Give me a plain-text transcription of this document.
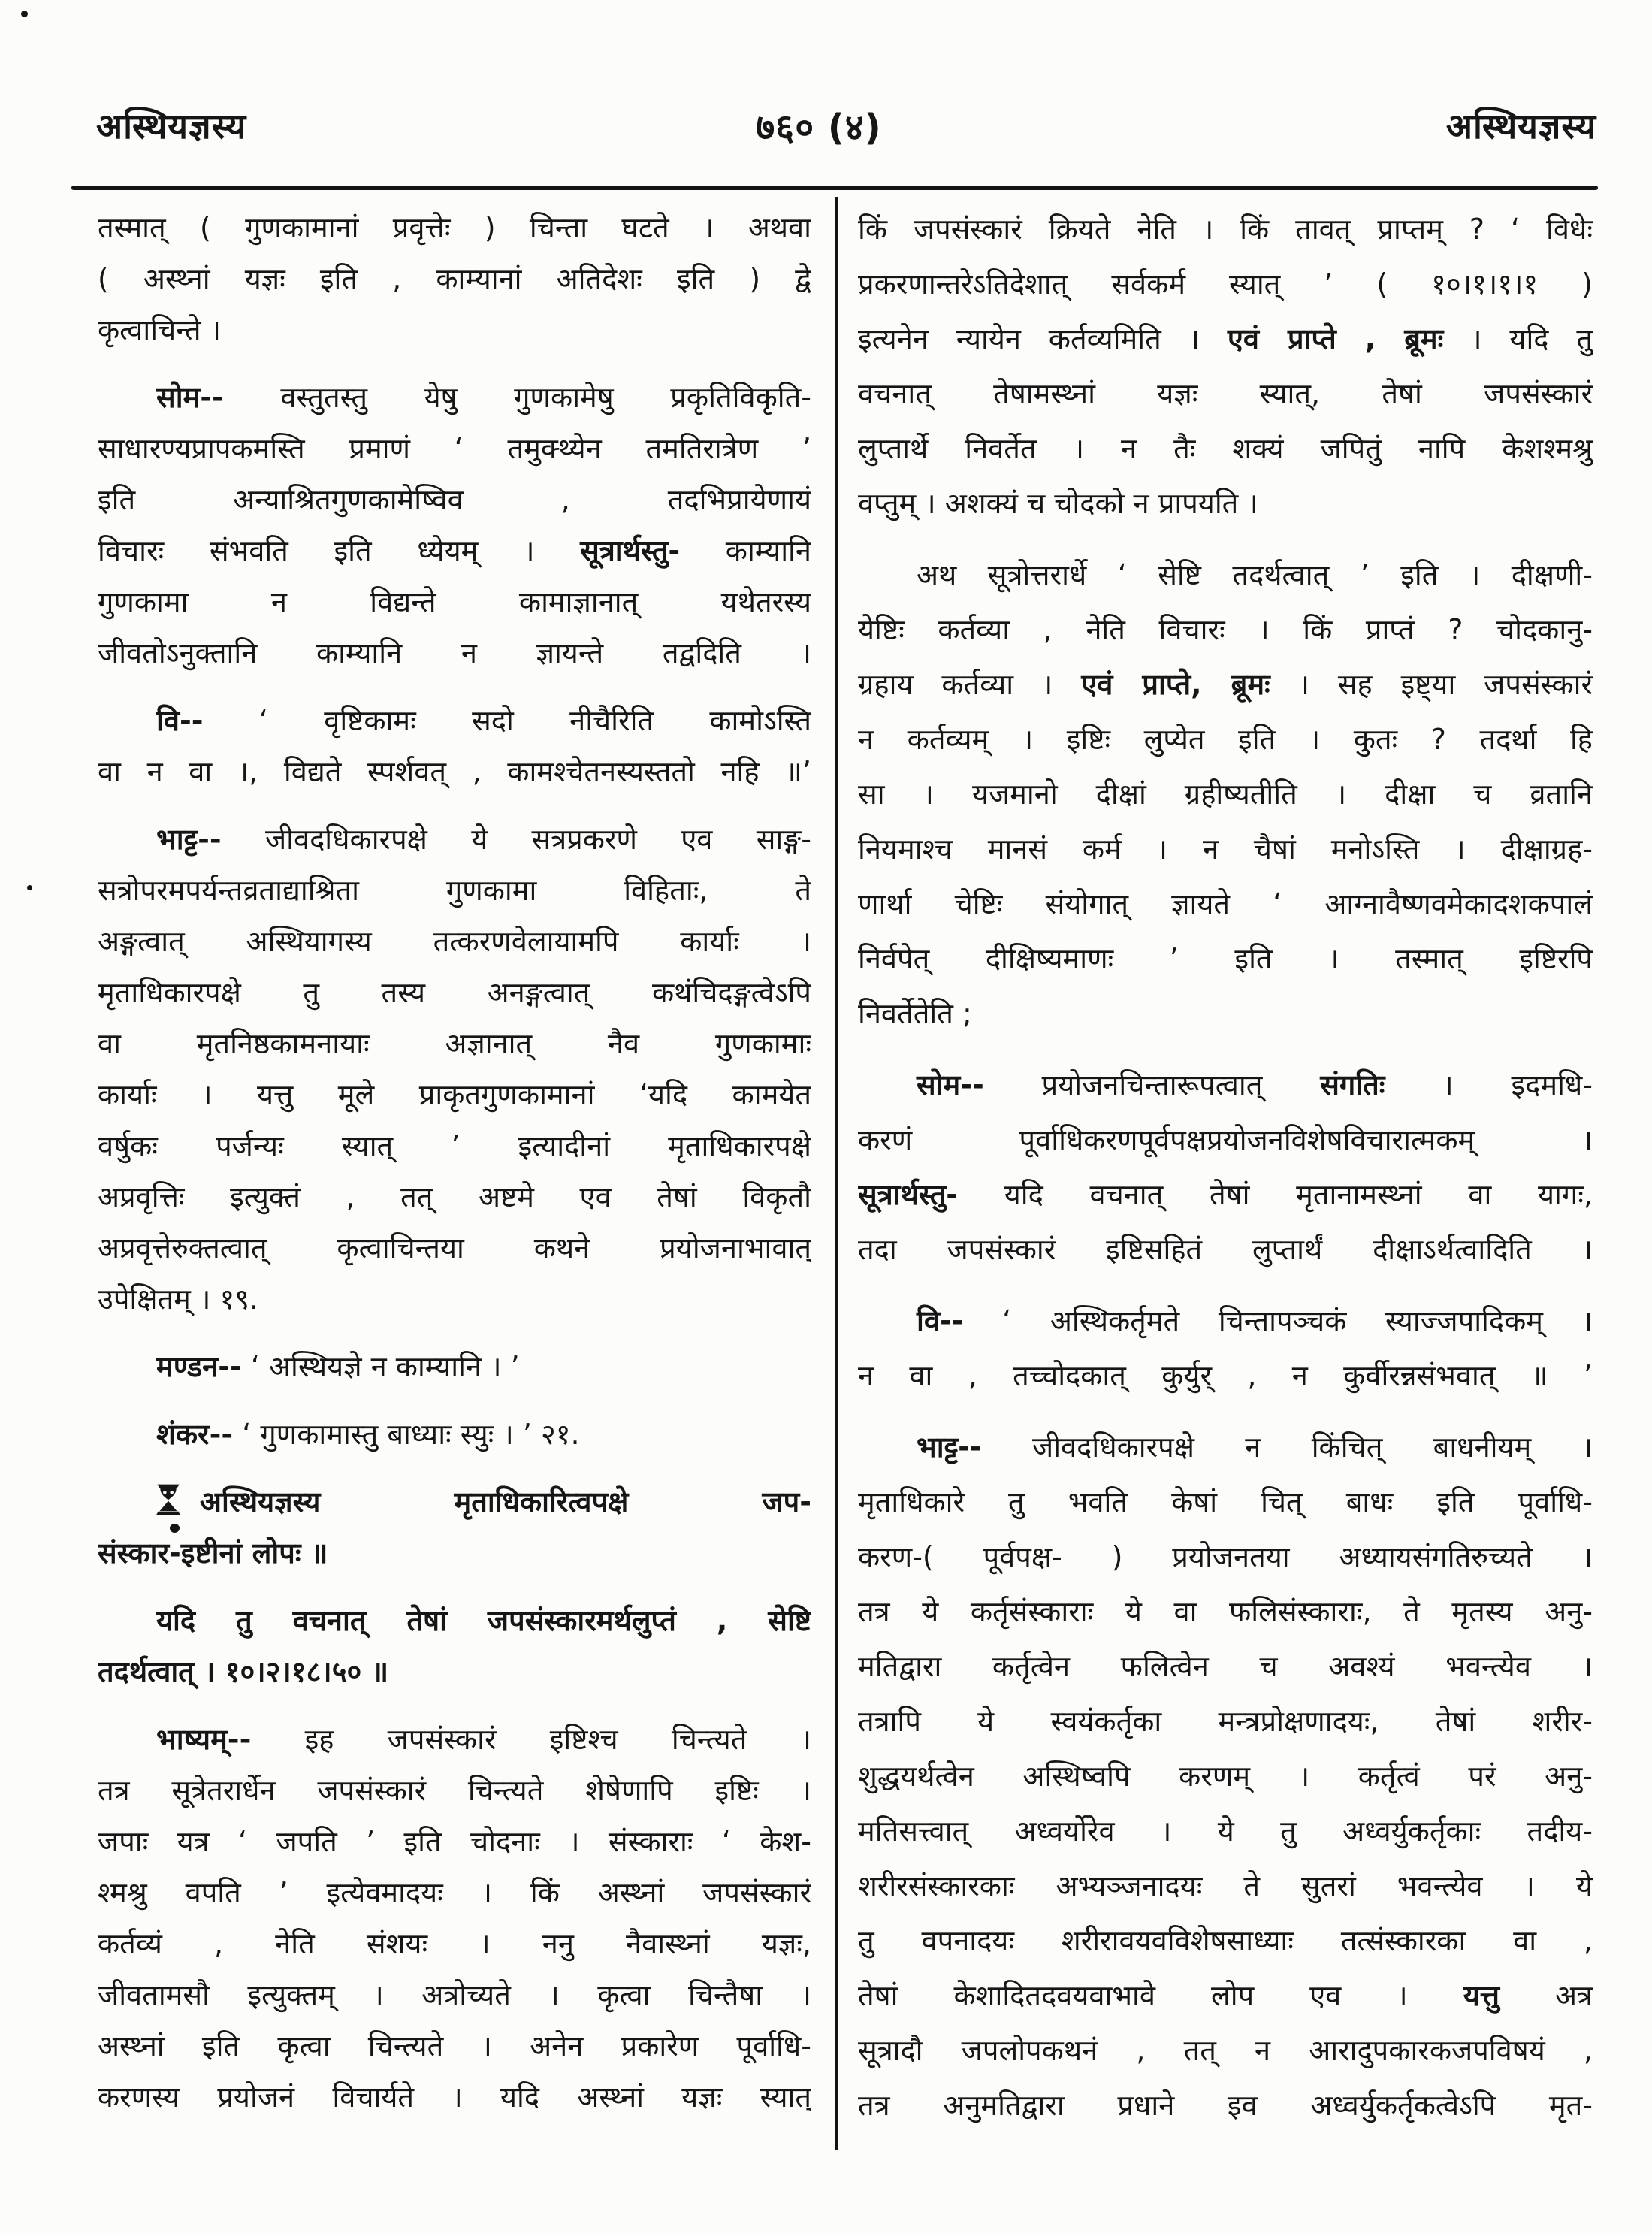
अस्थियज्ञस्य	७६० (४)	अस्थियज्ञस्य
तस्मात् ( गुणकामानां प्रवृत्तेः ) चिन्ता घटते । अथवा
( अस्थ्नां यज्ञः इति , काम्यानां अतिदेशः इति ) द्वे
कृत्वाचिन्ते ।
सोम-- वस्तुतस्तु येषु गुणकामेषु प्रकृतिविकृति-
साधारण्यप्रापकमस्ति प्रमाणं ‘ तमुक्थ्येन तमतिरात्रेण ’
इति अन्याश्रितगुणकामेष्विव , तदभिप्रायेणायं
विचारः संभवति इति ध्येयम् । सूत्रार्थस्तु- काम्यानि
गुणकामा न विद्यन्ते कामाज्ञानात् यथेतरस्य
जीवतोऽनुक्तानि काम्यानि न ज्ञायन्ते तद्वदिति ।
वि-- ‘ वृष्टिकामः सदो नीचैरिति कामोऽस्ति
वा न वा ।, विद्यते स्पर्शवत् , कामश्चेतनस्यस्ततो नहि ॥’
भाट्ट-- जीवदधिकारपक्षे ये सत्रप्रकरणे एव साङ्ग-
सत्रोपरमपर्यन्तव्रताद्याश्रिता गुणकामा विहिताः, ते
अङ्गत्वात् अस्थियागस्य तत्करणवेलायामपि कार्याः ।
मृताधिकारपक्षे तु तस्य अनङ्गत्वात् कथंचिदङ्गत्वेऽपि
वा मृतनिष्ठकामनायाः अज्ञानात् नैव गुणकामाः
कार्याः । यत्तु मूले प्राकृतगुणकामानां ‘यदि कामयेत
वर्षुकः पर्जन्यः स्यात् ’ इत्यादीनां मृताधिकारपक्षे
अप्रवृत्तिः इत्युक्तं , तत् अष्टमे एव तेषां विकृतौ
अप्रवृत्तेरुक्तत्वात् कृत्वाचिन्तया कथने प्रयोजनाभावात्
उपेक्षितम् । १९.
मण्डन-- ‘ अस्थियज्ञे न काम्यानि । ’
शंकर-- ‘ गुणकामास्तु बाध्याः स्युः । ’ २१.
अस्थियज्ञस्य मृताधिकारित्वपक्षे जप-
संस्कार-इष्टीनां लोपः ॥
यदि तु वचनात् तेषां जपसंस्कारमर्थलुप्तं , सेष्टि
तदर्थत्वात् । १०।२।१८।५० ॥
भाष्यम्-- इह जपसंस्कारं इष्टिश्च चिन्त्यते ।
तत्र सूत्रेतरार्धेन जपसंस्कारं चिन्त्यते शेषेणापि इष्टिः ।
जपाः यत्र ‘ जपति ’ इति चोदनाः । संस्काराः ‘ केश-
श्मश्रु वपति ’ इत्येवमादयः । किं अस्थ्नां जपसंस्कारं
कर्तव्यं , नेति संशयः । ननु नैवास्थ्नां यज्ञः,
जीवतामसौ इत्युक्तम् । अत्रोच्यते । कृत्वा चिन्तैषा ।
अस्थ्नां इति कृत्वा चिन्त्यते । अनेन प्रकारेण पूर्वाधि-
करणस्य प्रयोजनं विचार्यते । यदि अस्थ्नां यज्ञः स्यात्
किं जपसंस्कारं क्रियते नेति । किं तावत् प्राप्तम् ? ‘ विधेः
प्रकरणान्तरेऽतिदेशात् सर्वकर्म स्यात् ’ ( १०।१।१।१ )
इत्यनेन न्यायेन कर्तव्यमिति । एवं प्राप्ते , ब्रूमः । यदि तु
वचनात् तेषामस्थ्नां यज्ञः स्यात्, तेषां जपसंस्कारं
लुप्तार्थे निवर्तेत । न तैः शक्यं जपितुं नापि केशश्मश्रु
वप्तुम् । अशक्यं च चोदको न प्रापयति ।
अथ सूत्रोत्तरार्धे ‘ सेष्टि तदर्थत्वात् ’ इति । दीक्षणी-
येष्टिः कर्तव्या , नेति विचारः । किं प्राप्तं ? चोदकानु-
ग्रहाय कर्तव्या । एवं प्राप्ते, ब्रूमः । सह इष्ट्या जपसंस्कारं
न कर्तव्यम् । इष्टिः लुप्येत इति । कुतः ? तदर्था हि
सा । यजमानो दीक्षां ग्रहीष्यतीति । दीक्षा च व्रतानि
नियमाश्च मानसं कर्म । न चैषां मनोऽस्ति । दीक्षाग्रह-
णार्था चेष्टिः संयोगात् ज्ञायते ‘ आग्नावैष्णवमेकादशकपालं
निर्वपेत् दीक्षिष्यमाणः ’ इति । तस्मात् इष्टिरपि
निवर्तेतेति ;
सोम-- प्रयोजनचिन्तारूपत्वात् संगतिः । इदमधि-
करणं पूर्वाधिकरणपूर्वपक्षप्रयोजनविशेषविचारात्मकम् ।
सूत्रार्थस्तु- यदि वचनात् तेषां मृतानामस्थ्नां वा यागः,
तदा जपसंस्कारं इष्टिसहितं लुप्तार्थं दीक्षाऽर्थत्वादिति ।
वि-- ‘ अस्थिकर्तृमते चिन्तापञ्चकं स्याज्जपादिकम् ।
न वा , तच्चोदकात् कुर्युर् , न कुर्वीरन्नसंभवात् ॥ ’
भाट्ट-- जीवदधिकारपक्षे न किंचित् बाधनीयम् ।
मृताधिकारे तु भवति केषां चित् बाधः इति पूर्वाधि-
करण-( पूर्वपक्ष- ) प्रयोजनतया अध्यायसंगतिरुच्यते ।
तत्र ये कर्तृसंस्काराः ये वा फलिसंस्काराः, ते मृतस्य अनु-
मतिद्वारा कर्तृत्वेन फलित्वेन च अवश्यं भवन्त्येव ।
तत्रापि ये स्वयंकर्तृका मन्त्रप्रोक्षणादयः, तेषां शरीर-
शुद्धयर्थत्वेन अस्थिष्वपि करणम् । कर्तृत्वं परं अनु-
मतिसत्त्वात् अध्वर्योरेव । ये तु अध्वर्युकर्तृकाः तदीय-
शरीरसंस्कारकाः अभ्यञ्जनादयः ते सुतरां भवन्त्येव । ये
तु वपनादयः शरीरावयवविशेषसाध्याः तत्संस्कारका वा ,
तेषां केशादितदवयवाभावे लोप एव । यत्तु अत्र
सूत्रादौ जपलोपकथनं , तत् न आरादुपकारकजपविषयं ,
तत्र अनुमतिद्वारा प्रधाने इव अध्वर्युकर्तृकत्वेऽपि मृत-
